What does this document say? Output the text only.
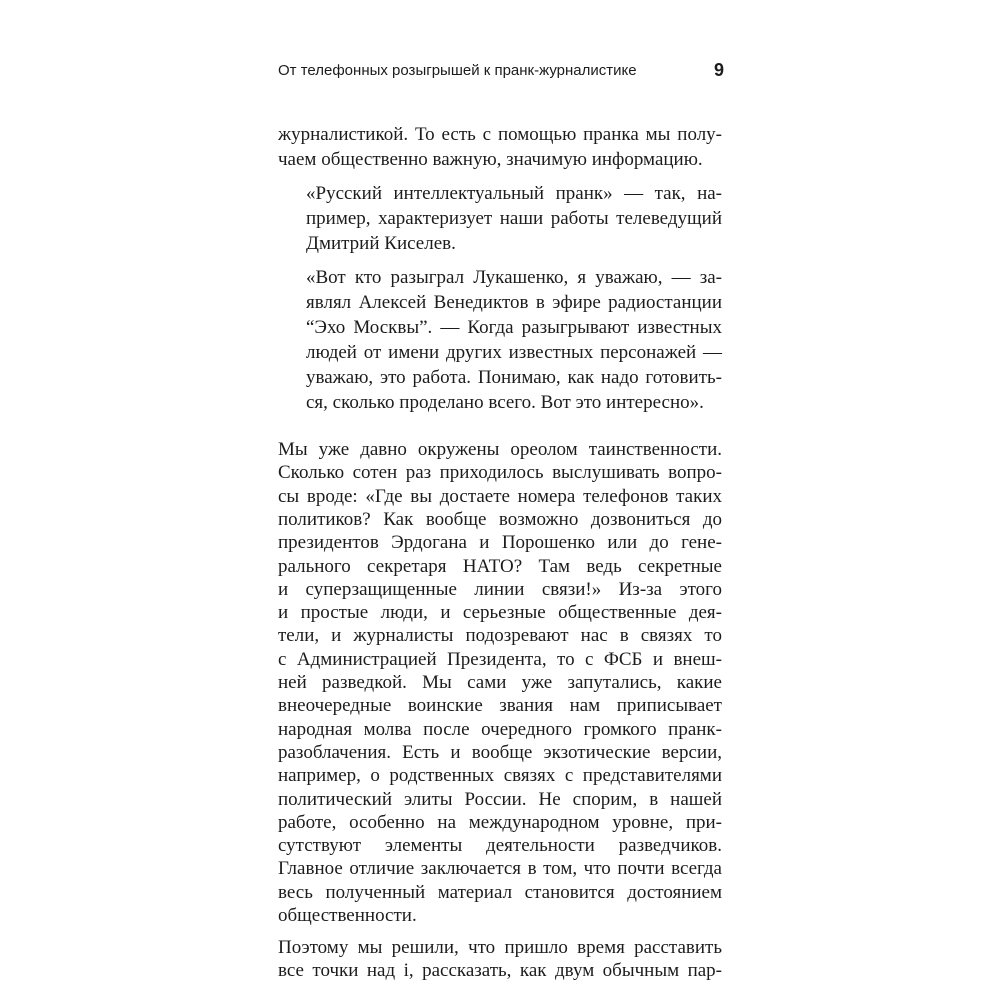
От телефонных розыгрышей к пранк-журналистике	9
журналистикой. То есть с помощью пранка мы полу-
чаем общественно важную, значимую информацию.
«Русский интеллектуальный пранк» — так, на-
пример, характеризует наши работы телеведущий
Дмитрий Киселев.
«Вот кто разыграл Лукашенко, я уважаю, — за-
являл Алексей Венедиктов в эфире радиостанции
“Эхо Москвы”. — Когда разыгрывают известных
людей от имени других известных персонажей —
уважаю, это работа. Понимаю, как надо готовить-
ся, сколько проделано всего. Вот это интересно».
Мы уже давно окружены ореолом таинственности.
Сколько сотен раз приходилось выслушивать вопро-
сы вроде: «Где вы достаете номера телефонов таких
политиков? Как вообще возможно дозвониться до
президентов Эрдогана и Порошенко или до гене-
рального секретаря НАТО? Там ведь секретные
и суперзащищенные линии связи!» Из-за этого
и простые люди, и серьезные общественные дея-
тели, и журналисты подозревают нас в связях то
с Администрацией Президента, то с ФСБ и внеш-
ней разведкой. Мы сами уже запутались, какие
внеочередные воинские звания нам приписывает
народная молва после очередного громкого пранк-
разоблачения. Есть и вообще экзотические версии,
например, о родственных связях с представителями
политический элиты России. Не спорим, в нашей
работе, особенно на международном уровне, при-
сутствуют элементы деятельности разведчиков.
Главное отличие заключается в том, что почти всегда
весь полученный материал становится достоянием
общественности.
Поэтому мы решили, что пришло время расставить
все точки над i, рассказать, как двум обычным пар-
